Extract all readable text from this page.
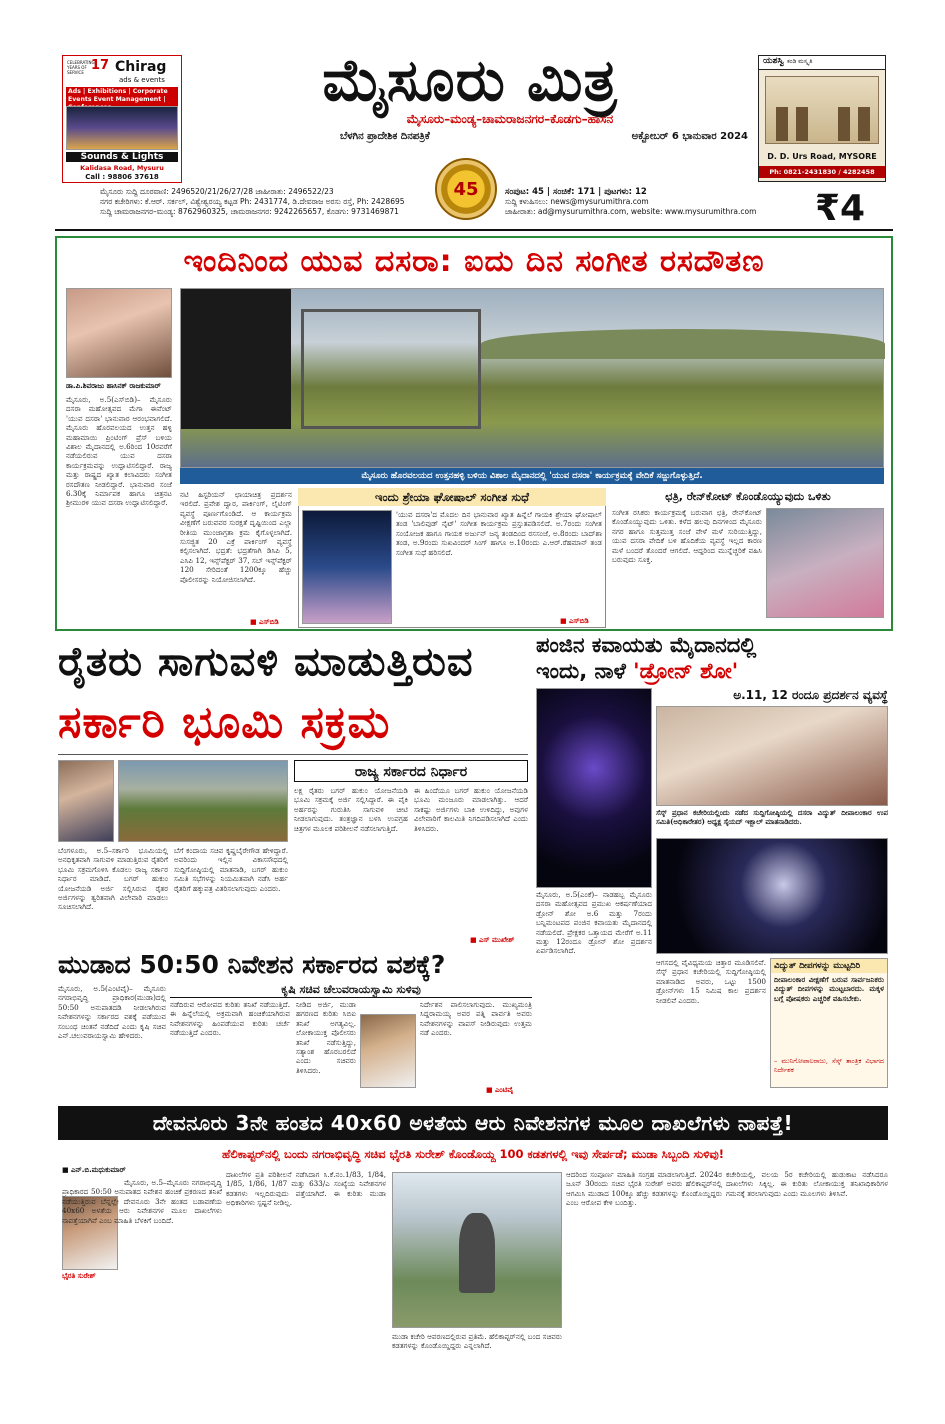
CELEBRATING YEARS OF SERVICE 17 Chirag
ads & events
Ads | Exhibitions | Corporate Events Event Management |
Sounds & Lights
Kalidasa Road, Mysuru
Call : 98806 37618
ಮೈಸೂರು ಮಿತ್ರ
ಮೈಸೂರು–ಮಂಡ್ಯ–ಚಾಮರಾಜನಗರ–ಕೊಡಗು–ಹಾಸನ
ಬೆಳಗಿನ ಪ್ರಾದೇಶಿಕ ದಿನಪತ್ರಿಕೆ	ಅಕ್ಟೋಬರ್ 6 ಭಾನುವಾರ 2024
ಯಶಸ್ವಿ ಕಂಡಿ ಮಸ್ಕೃತಿ
D. D. Urs Road, MYSORE
Ph: 0821-2431830 / 4282458
ಮೈಸೂರು ಸುದ್ದಿ ದೂರವಾಣಿ: 2496520/21/26/27/28 ಜಾಹೀರಾತು: 2496522/23
ನಗರ ಕಚೇರಿಗಳು: ಕೆ.ಆರ್. ಸರ್ಕಲ್, ವಿಶ್ವೇಶ್ವರಯ್ಯ ಕಟ್ಟಡ Ph: 2431774, ಡಿ.ದೇವರಾಜ ಅರಸು ರಸ್ತೆ, Ph: 2428695
ಸುದ್ದಿ ಚಾಮರಾಜನಗರ–ಮಂಡ್ಯ: 8762960325, ಚಾಮರಾಜನಗರ: 9242265657, ಕೊಡಗು: 9731469871
45	ಸಂಪುಟ: 45 | ಸಂಚಿಕೆ: 171 | ಪುಟಗಳು: 12
ಸುದ್ದಿ ಕಳುಹಿಸಲು: news@mysurumithra.com
ಜಾಹೀರಾತು: ad@mysurumithra.com, website: www.mysurumithra.com	₹4
ಇಂದಿನಿಂದ ಯುವ ದಸರಾ: ಐದು ದಿನ ಸಂಗೀತ ರಸದೌತಣ
ಡಾ.ಪಿ.ಶಿವರಾಜು ಹಾಸಿನಕ್ ರಾಜಕುಮಾರ್
ಮೈಸೂರು, ಅ.5(ಎಸ್‌ಬಿಡಿ)– ಮೈಸೂರು ದಸರಾ ಮಹೋತ್ಸವದ ಮೆಗಾ ಈವೆಂಟ್ 'ಯುವ ದಸರಾ' ಭಾನುವಾರ ಆರಂಭವಾಗಲಿದೆ. ಮೈಸೂರು ಹೊರವಲಯದ ಉತ್ತನ ಹಳ್ಳಿ ಮಹಾಮಾಯಿ ಪ್ರಿಂಟಿಂಗ್ ಪ್ರೆಸ್ ಬಳಿಯ ವಿಶಾಲ ಮೈದಾನದಲ್ಲಿ ಅ.6ರಿಂದ 10ರವರೆಗೆ ನಡೆಯಲಿರುವ ಯುವ ದಸರಾ ಕಾರ್ಯಕ್ರಮವನ್ನು ಉದ್ಘಾಟಿಸಲಿದ್ದಾರೆ. ರಾಜ್ಯ ಮತ್ತು ರಾಷ್ಟ್ರದ ಖ್ಯಾತ ಕಲಾವಿದರು ಸಂಗೀತ ರಸದೌತಣ ನೀಡಲಿದ್ದಾರೆ. ಭಾನುವಾರ ಸಂಜೆ 6.30ಕ್ಕೆ ನಿರ್ಮಾಪಕ ಹಾಗೂ ಚಿತ್ರನಟ ಶ್ರೀಮುರಳಿ ಯುವ ದಸರಾ ಉದ್ಘಾಟಿಸಲಿದ್ದಾರೆ.
ಮೈಸೂರು ಹೊರವಲಯದ ಉತ್ತನಹಳ್ಳಿ ಬಳಿಯ ವಿಶಾಲ ಮೈದಾನದಲ್ಲಿ 'ಯುವ ದಸರಾ' ಕಾರ್ಯಕ್ರಮಕ್ಕೆ ವೇದಿಕೆ ಸಜ್ಜುಗೊಳ್ಳುತ್ತಿದೆ.
ನಟಿ ಹಿಸ್ಟರಿಯನ್ ಛಾಯಾಚಿತ್ರ ಪ್ರದರ್ಶನ ಇರಲಿದೆ. ಪ್ರವೇಶ ದ್ವಾರ, ಪಾರ್ಕಿಂಗ್, ಲೈಟಿಂಗ್ ವ್ಯವಸ್ಥೆ ಪೂರ್ಣಗೊಂಡಿದೆ. ಆ ಕಾರ್ಯಕ್ರಮ ವೀಕ್ಷಣೆಗೆ ಬರುವವರ ಸುರಕ್ಷತೆ ದೃಷ್ಟಿಯಿಂದ ಎಲ್ಲಾ ರೀತಿಯ ಮುಂಜಾಗ್ರತಾ ಕ್ರಮ ಕೈಗೊಳ್ಳಲಾಗಿದೆ. ಸುಸಜ್ಜಿತ 20 ಎಕ್ರೆ ಪಾರ್ಕಿಂಗ್ ವ್ಯವಸ್ಥೆ ಕಲ್ಪಿಸಲಾಗಿದೆ. ಭದ್ರತೆ: ಭದ್ರತೆಗಾಗಿ ಡಿಸಿಪಿ 5, ಎಸಿಪಿ 12, ಇನ್ಸ್‌ಪೆಕ್ಟರ್ 37, ಸಬ್ ಇನ್ಸ್‌ಪೆಕ್ಟರ್ 120 ಸೇರಿದಂತೆ 1200ಕ್ಕೂ ಹೆಚ್ಚು ಪೊಲೀಸರನ್ನು ನಿಯೋಜಿಸಲಾಗಿದೆ.
■ ಎಸ್‌ಬಿಡಿ
ಇಂದು ಶ್ರೇಯಾ ಘೋಷಾಲ್ ಸಂಗೀತ ಸುಧೆ
'ಯುವ ದಸರಾ'ದ ಮೊದಲ ದಿನ ಭಾನುವಾರ ಖ್ಯಾತ ಹಿನ್ನೆಲೆ ಗಾಯಕಿ ಶ್ರೇಯಾ ಘೋಷಾಲ್ ತಂಡ 'ಬಾಲಿವುಡ್ ನೈಟ್' ಸಂಗೀತ ಕಾರ್ಯಕ್ರಮ ಪ್ರಸ್ತುತಪಡಿಸಲಿದೆ. ಅ.7ರಂದು ಸಂಗೀತ ಸಂಯೋಜಕ ಹಾಗೂ ಗಾಯಕ ಅರ್ಜುನ್ ಜನ್ಯ ತಂಡದಿಂದ ರಸಸಂಜೆ, ಅ.8ರಂದು ಬಾದ್‌ಶಾ ತಂಡ, ಅ.9ರಂದು ಸುಖವಿಂದರ್ ಸಿಂಗ್ ಹಾಗೂ ಅ.10ರಂದು ಎ.ಆರ್.ರೆಹಮಾನ್ ತಂಡ ಸಂಗೀತ ಸುಧೆ ಹರಿಸಲಿದೆ.
■ ಎಸ್‌ಬಿಡಿ
ಛತ್ರಿ, ರೇನ್‌ಕೋಟ್ ಕೊಂಡೊಯ್ಯುವುದು ಒಳಿತು
ಸಂಗೀತ ರಸಿಕರು ಕಾರ್ಯಕ್ರಮಕ್ಕೆ ಬರುವಾಗ ಛತ್ರಿ, ರೇನ್‌ಕೋಟ್ ಕೊಂಡೊಯ್ಯುವುದು ಒಳಿತು. ಕಳೆದ ಹಲವು ದಿನಗಳಿಂದ ಮೈಸೂರು ನಗರ ಹಾಗೂ ಸುತ್ತಮುತ್ತ ಸಂಜೆ ವೇಳೆ ಮಳೆ ಸುರಿಯುತ್ತಿದ್ದು, ಯುವ ದಸರಾ ವೇದಿಕೆ ಬಳಿ ಹೊದಿಕೆಯ ವ್ಯವಸ್ಥೆ ಇಲ್ಲದ ಕಾರಣ ಮಳೆ ಬಂದರೆ ತೊಂದರೆ ಆಗಲಿದೆ. ಆದ್ದರಿಂದ ಮುನ್ನೆಚ್ಚರಿಕೆ ವಹಿಸಿ ಬರುವುದು ಸೂಕ್ತ.
ರೈತರು ಸಾಗುವಳಿ ಮಾಡುತ್ತಿರುವ
ಸರ್ಕಾರಿ ಭೂಮಿ ಸಕ್ರಮ
ರಾಜ್ಯ ಸರ್ಕಾರದ ನಿರ್ಧಾರ
ಬೆಂಗಳೂರು, ಅ.5–ಸರ್ಕಾರಿ ಭೂಮಿಯಲ್ಲಿ ಅನಧಿಕೃತವಾಗಿ ಸಾಗುವಳಿ ಮಾಡುತ್ತಿರುವ ರೈತರಿಗೆ ಭೂಮಿ ಸಕ್ರಮಗೊಳಿಸಿ ಕೊಡಲು ರಾಜ್ಯ ಸರ್ಕಾರ ನಿರ್ಧಾರ ಮಾಡಿದೆ. ಬಗರ್ ಹುಕುಂ ಯೋಜನೆಯಡಿ ಅರ್ಜಿ ಸಲ್ಲಿಸಿರುವ ರೈತರ ಅರ್ಜಿಗಳನ್ನು ತ್ವರಿತವಾಗಿ ವಿಲೇವಾರಿ ಮಾಡಲು ಸೂಚಿಸಲಾಗಿದೆ.
ಬೆಗೆ ಕಂದಾಯ ಸಚಿವ ಕೃಷ್ಣಬೈರೇಗೌಡ ಹೇಳಿದ್ದಾರೆ. ಅವರಿಂದು ಇಲ್ಲಿನ ವಿಕಾಸಸೌಧದಲ್ಲಿ ಸುದ್ದಿಗೋಷ್ಠಿಯಲ್ಲಿ ಮಾತನಾಡಿ, ಬಗರ್ ಹುಕುಂ ಸಮಿತಿ ಸಭೆಗಳನ್ನು ನಿಯಮಿತವಾಗಿ ನಡೆಸಿ ಅರ್ಹ ರೈತರಿಗೆ ಹಕ್ಕುಪತ್ರ ವಿತರಿಸಲಾಗುವುದು ಎಂದರು.
ಲಕ್ಷ ರೈತರು ಬಗರ್ ಹುಕುಂ ಯೋಜನೆಯಡಿ ಭೂಮಿ ಸಕ್ರಮಕ್ಕೆ ಅರ್ಜಿ ಸಲ್ಲಿಸಿದ್ದಾರೆ. ಈ ಪೈಕಿ ಅರ್ಹರನ್ನು ಗುರುತಿಸಿ ಸಾಗುವಳಿ ಚೀಟಿ ನೀಡಲಾಗುವುದು. ತಂತ್ರಜ್ಞಾನ ಬಳಸಿ ಉಪಗ್ರಹ ಚಿತ್ರಗಳ ಮೂಲಕ ಪರಿಶೀಲನೆ ನಡೆಸಲಾಗುತ್ತಿದೆ.
ಈ ಹಿಂದೆಯೂ ಬಗರ್ ಹುಕುಂ ಯೋಜನೆಯಡಿ ಭೂಮಿ ಮಂಜೂರು ಮಾಡಲಾಗಿತ್ತು. ಆದರೆ ಸಾಕಷ್ಟು ಅರ್ಜಿಗಳು ಬಾಕಿ ಉಳಿದಿದ್ದು, ಅವುಗಳ ವಿಲೇವಾರಿಗೆ ಕಾಲಮಿತಿ ನಿಗದಿಪಡಿಸಲಾಗಿದೆ ಎಂದು ತಿಳಿಸಿದರು.
■ ಎಸ್ ಮುಖೇಶ್
ಪಂಜಿನ ಕವಾಯತು ಮೈದಾನದಲ್ಲಿ
ಇಂದು, ನಾಳೆ 'ಡ್ರೋನ್ ಶೋ'
ಅ.11, 12 ರಂದೂ ಪ್ರದರ್ಶನ ವ್ಯವಸ್ಥೆ
ಸೆಸ್ಕ್ ಪ್ರಧಾನ ಕಚೇರಿಯಲ್ಲಿಂದು ನಡೆದ ಸುದ್ದಿಗೋಷ್ಠಿಯಲ್ಲಿ ದಸರಾ ವಿದ್ಯುತ್ ದೀಪಾಲಂಕಾರ ಉಪ ಸಮಿತಿ(ಅಧಿಕಾರೇತರ) ಅಧ್ಯಕ್ಷ ಸೈಯದ್ ಇಕ್ಬಾಲ್ ಮಾತನಾಡಿದರು.
ಮೈಸೂರು, ಅ.5(ಎಂಕೆ)– ನಾಡಹಬ್ಬ ಮೈಸೂರು ದಸರಾ ಮಹೋತ್ಸವದ ಪ್ರಮುಖ ಆಕರ್ಷಣೆಯಾದ ಡ್ರೋನ್ ಶೋ ಅ.6 ಮತ್ತು 7ರಂದು ಬನ್ನಿಮಂಟಪದ ಪಂಜಿನ ಕವಾಯತು ಮೈದಾನದಲ್ಲಿ ನಡೆಯಲಿದೆ. ಪ್ರೇಕ್ಷಕರ ಒತ್ತಾಯದ ಮೇರೆಗೆ ಅ.11 ಮತ್ತು 12ರಂದೂ ಡ್ರೋನ್ ಶೋ ಪ್ರದರ್ಶನ ಏರ್ಪಡಿಸಲಾಗಿದೆ.
ಆಗಸದಲ್ಲಿ ವೈವಿಧ್ಯಮಯ ಚಿತ್ತಾರ ಮೂಡಿಸಲಿವೆ. ಸೆಸ್ಕ್ ಪ್ರಧಾನ ಕಚೇರಿಯಲ್ಲಿ ಸುದ್ದಿಗೋಷ್ಠಿಯಲ್ಲಿ ಮಾತನಾಡಿದ ಅವರು, ಒಟ್ಟು 1500 ಡ್ರೋನ್‌ಗಳು 15 ನಿಮಿಷ ಕಾಲ ಪ್ರದರ್ಶನ ನೀಡಲಿವೆ ಎಂದರು.
ವಿದ್ಯುತ್ ದೀಪಗಳನ್ನು ಮುಟ್ಟದಿರಿ
ದೀಪಾಲಂಕಾರ ವೀಕ್ಷಣೆಗೆ ಬರುವ ಸಾರ್ವಜನಿಕರು ವಿದ್ಯುತ್ ದೀಪಗಳನ್ನು ಮುಟ್ಟಬಾರದು. ಮಕ್ಕಳ ಬಗ್ಗೆ ಪೋಷಕರು ಎಚ್ಚರಿಕೆ ವಹಿಸಬೇಕು.
– ಮುನಿಗೋಪಾಲರಾಜು, ಸೆಸ್ಕ್ ತಾಂತ್ರಿಕ ವಿಭಾಗದ ನಿರ್ದೇಶಕ
ಮುಡಾದ 50:50 ನಿವೇಶನ ಸರ್ಕಾರದ ವಶಕ್ಕೆ?
ಕೃಷಿ ಸಚಿವ ಚೆಲುವರಾಯಸ್ವಾಮಿ ಸುಳಿವು
ಮೈಸೂರು, ಅ.5(ಎಂಟಿವೈ)– ಮೈಸೂರು ನಗರಾಭಿವೃದ್ಧಿ ಪ್ರಾಧಿಕಾರ(ಮುಡಾ)ದಲ್ಲಿ 50:50 ಅನುಪಾತದಡಿ ನೀಡಲಾಗಿರುವ ನಿವೇಶನಗಳನ್ನು ಸರ್ಕಾರದ ವಶಕ್ಕೆ ಪಡೆಯುವ ಸಂಬಂಧ ಚಿಂತನೆ ನಡೆದಿದೆ ಎಂದು ಕೃಷಿ ಸಚಿವ ಎನ್.ಚಲುವರಾಯಸ್ವಾಮಿ ಹೇಳಿದರು.
ನಡೆದಿರುವ ಆರೋಪದ ಕುರಿತು ತನಿಖೆ ನಡೆಯುತ್ತಿದೆ. ಈ ಹಿನ್ನೆಲೆಯಲ್ಲಿ ಅಕ್ರಮವಾಗಿ ಹಂಚಿಕೆಯಾಗಿರುವ ನಿವೇಶನಗಳನ್ನು ಹಿಂಪಡೆಯುವ ಕುರಿತು ಚರ್ಚೆ ನಡೆಯುತ್ತಿದೆ ಎಂದರು.
ನೀಡಿದ ಅರ್ಜಿ, ಮುಡಾ ಹಗರಣದ ಕುರಿತು ಸಿಬಿಐ ತನಿಖೆ ಅಗತ್ಯವಿಲ್ಲ. ಲೋಕಾಯುಕ್ತ ಪೊಲೀಸರು ತನಿಖೆ ನಡೆಸುತ್ತಿದ್ದು, ಸತ್ಯಾಂಶ ಹೊರಬರಲಿದೆ ಎಂದು ಸಚಿವರು ತಿಳಿಸಿದರು.
ನಿರ್ದೇಶನ ಪಾಲಿಸಲಾಗುವುದು. ಮುಖ್ಯಮಂತ್ರಿ ಸಿದ್ದರಾಮಯ್ಯ ಅವರ ಪತ್ನಿ ಪಾರ್ವತಿ ಅವರು ನಿವೇಶನಗಳನ್ನು ವಾಪಸ್ ನೀಡಿರುವುದು ಉತ್ತಮ ನಡೆ ಎಂದರು.
■ ಎಂಟಿವೈ
ದೇವನೂರು 3ನೇ ಹಂತದ 40x60 ಅಳತೆಯ ಆರು ನಿವೇಶನಗಳ ಮೂಲ ದಾಖಲೆಗಳು ನಾಪತ್ತೆ!
ಹೆಲಿಕಾಪ್ಟರ್‌ನಲ್ಲಿ ಬಂದು ನಗರಾಭಿವೃದ್ಧಿ ಸಚಿವ ಭೈರತಿ ಸುರೇಶ್ ಕೊಂಡೊಯ್ದ 100 ಕಡತಗಳಲ್ಲಿ ಇವು ಸೇರ್ಪಡೆ; ಮುಡಾ ಸಿಬ್ಬಂದಿ ಸುಳಿವು!
■ ಎನ್.ಬಿ.ಮಧುಕುಮಾರ್
ಭೈರತಿ ಸುರೇಶ್
ಮೈಸೂರು, ಅ.5–ಮೈಸೂರು ನಗರಾಭಿವೃದ್ಧಿ ಪ್ರಾಧಿಕಾರದ 50:50 ಅನುಪಾತದ ನಿವೇಶನ ಹಂಚಿಕೆ ಪ್ರಕರಣದ ತನಿಖೆ ನಡೆಯುತ್ತಿರುವ ಬೆನ್ನಲ್ಲೇ ದೇವನೂರು 3ನೇ ಹಂತದ ಬಡಾವಣೆಯ 40x60 ಅಳತೆಯ ಆರು ನಿವೇಶನಗಳ ಮೂಲ ದಾಖಲೆಗಳು ನಾಪತ್ತೆಯಾಗಿವೆ ಎಂಬ ಮಾಹಿತಿ ಬೆಳಕಿಗೆ ಬಂದಿದೆ.
ದಾಖಲೆಗಳ ಪ್ರತಿ ಪರಿಶೀಲನೆ ನಡೆಸಿದಾಗ ಸಿ.ಕೆ.ನಂ.1/83, 1/84, 1/85, 1/86, 1/87 ಮತ್ತು 633/ಎ ಸಂಖ್ಯೆಯ ನಿವೇಶನಗಳ ಕಡತಗಳು ಇಲ್ಲದಿರುವುದು ಪತ್ತೆಯಾಗಿದೆ. ಈ ಕುರಿತು ಮುಡಾ ಅಧಿಕಾರಿಗಳು ಸ್ಪಷ್ಟನೆ ನೀಡಿಲ್ಲ.
ಮುಡಾ ಕಚೇರಿ ಆವರಣದಲ್ಲಿರುವ ಪ್ರತಿಮೆ. ಹೆಲಿಕಾಪ್ಟರ್‌ನಲ್ಲಿ ಬಂದ ಸಚಿವರು ಕಡತಗಳನ್ನು ಕೊಂಡೊಯ್ದಿದ್ದರು ಎನ್ನಲಾಗಿದೆ.
ಆದರಿಂದ ಸಂಪೂರ್ಣ ಮಾಹಿತಿ ಸಂಗ್ರಹ ಮಾಡಲಾಗುತ್ತಿದೆ. 2024ರ ಜೂನ್ 30ರಂದು ಸಚಿವ ಭೈರತಿ ಸುರೇಶ್ ಅವರು ಹೆಲಿಕಾಪ್ಟರ್‌ನಲ್ಲಿ ಆಗಮಿಸಿ ಮುಡಾದ 100ಕ್ಕೂ ಹೆಚ್ಚು ಕಡತಗಳನ್ನು ಕೊಂಡೊಯ್ದಿದ್ದರು ಎಂಬ ಆರೋಪ ಕೇಳಿ ಬಂದಿತ್ತು.
ಕಚೇರಿಯಲ್ಲಿ, ವಲಯ 5ರ ಕಚೇರಿಯಲ್ಲಿ ಹುಡುಕಾಟ ನಡೆಸಿದರೂ ದಾಖಲೆಗಳು ಸಿಕ್ಕಿಲ್ಲ. ಈ ಕುರಿತು ಲೋಕಾಯುಕ್ತ ತನಿಖಾಧಿಕಾರಿಗಳ ಗಮನಕ್ಕೆ ತರಲಾಗುವುದು ಎಂದು ಮೂಲಗಳು ತಿಳಿಸಿವೆ.
